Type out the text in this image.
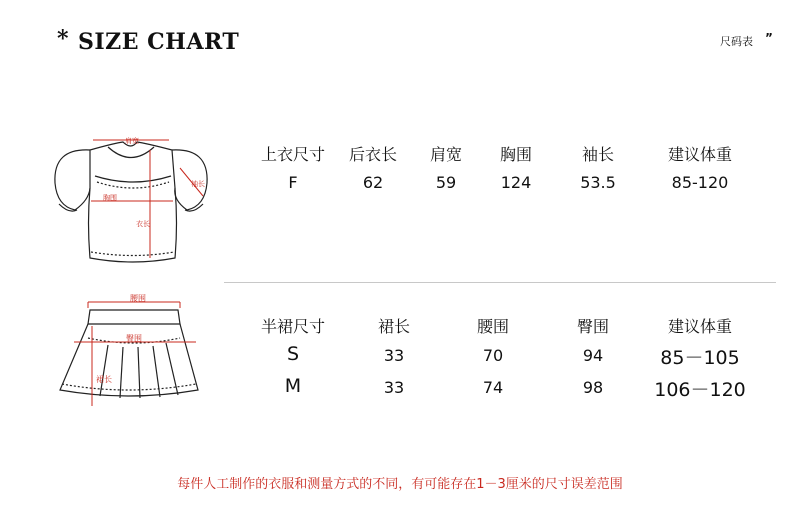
* SIZE CHART	尺码表 ”
肩宽
袖长
胸围
衣长
腰围
臀围
裙长
上衣尺寸	后衣长	肩宽	胸围	袖长	建议体重
F	62	59	124	53.5	85-120
半裙尺寸	裙长	腰围	臀围	建议体重
S	33	70	94	85－105
M	33	74	98	106－120
每件人工制作的衣服和测量方式的不同，有可能存在1－3厘米的尺寸误差范围
